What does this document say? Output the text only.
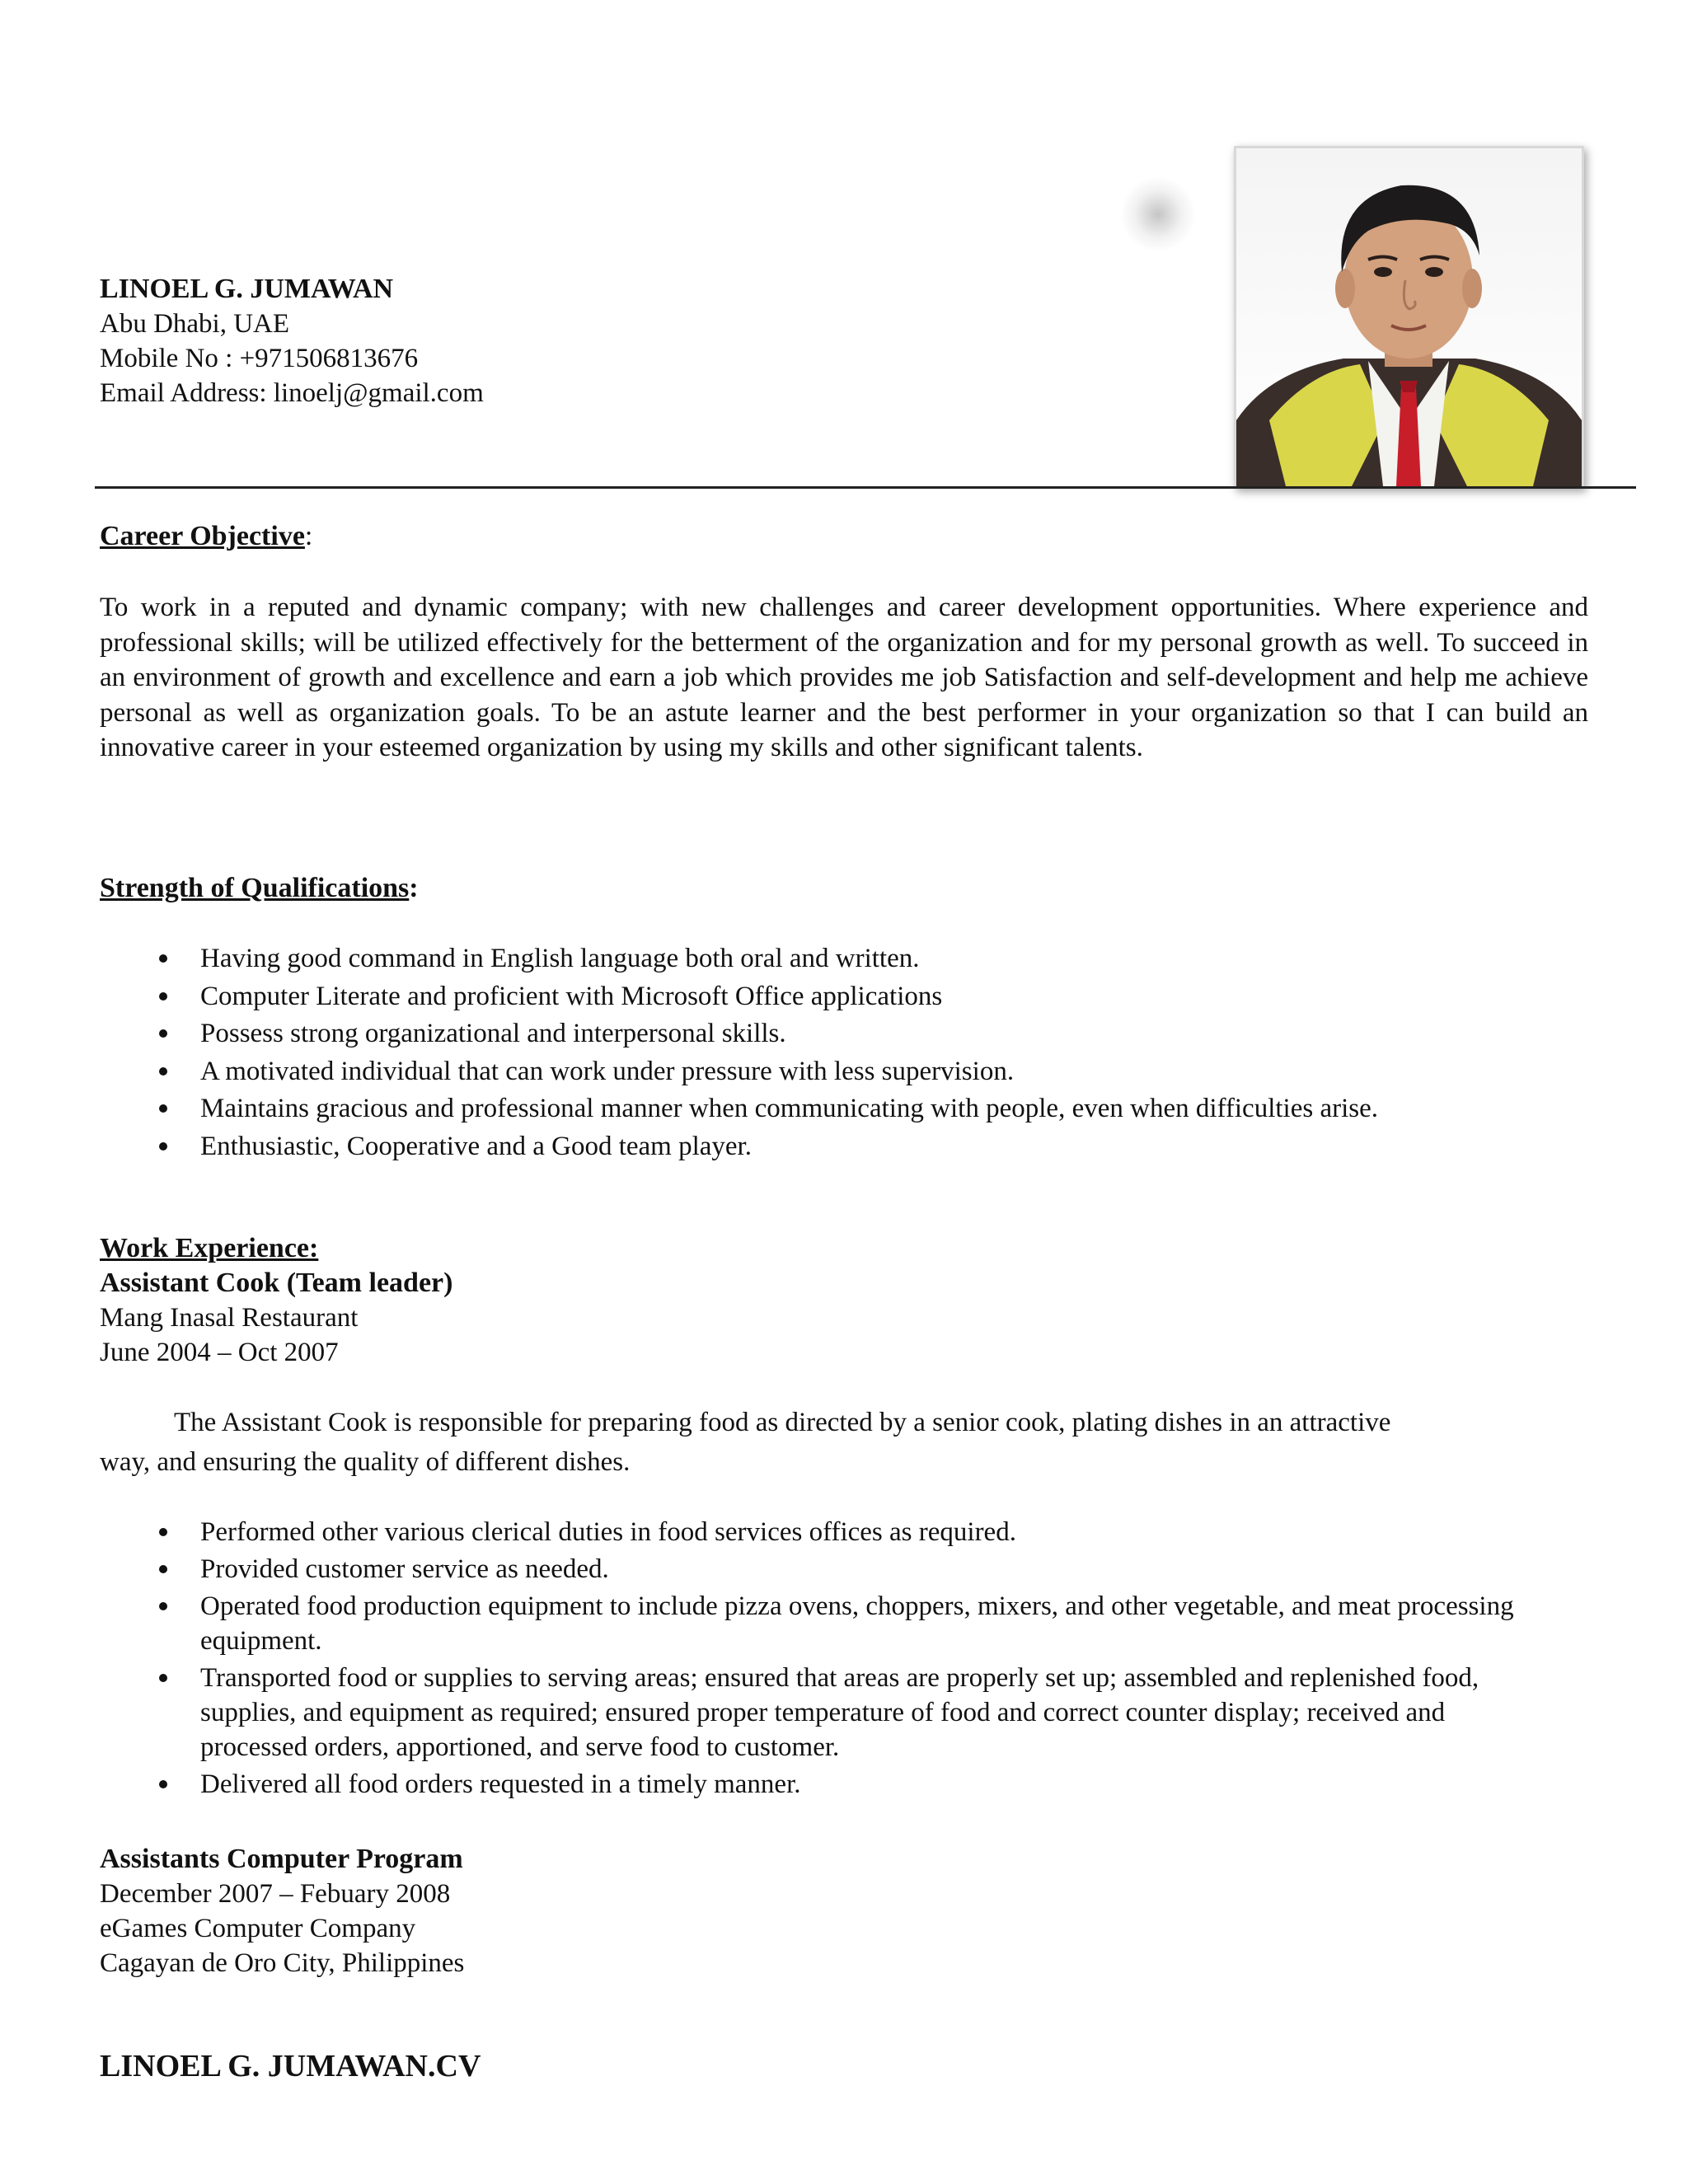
LINOEL G. JUMAWAN
Abu Dhabi, UAE
Mobile No : +971506813676
Email Address: linoelj@gmail.com
Career Objective:
To work in a reputed and dynamic company; with new challenges and career development opportunities. Where experience and professional skills; will be utilized effectively for the betterment of the organization and for my personal growth as well. To succeed in an environment of growth and excellence and earn a job which provides me job Satisfaction and self-development and help me achieve personal as well as organization goals. To be an astute learner and the best performer in your organization so that I can build an innovative career in your esteemed organization by using my skills and other significant talents.
Strength of Qualifications:
Having good command in English language both oral and written.
Computer Literate and proficient with Microsoft Office applications
Possess strong organizational and interpersonal skills.
A motivated individual that can work under pressure with less supervision.
Maintains gracious and professional manner when communicating with people, even when difficulties arise.
Enthusiastic, Cooperative and a Good team player.
Work Experience:
Assistant Cook (Team leader)
Mang Inasal Restaurant
June 2004 – Oct 2007
The Assistant Cook is responsible for preparing food as directed by a senior cook, plating dishes in an attractive
way, and ensuring the quality of different dishes.
Performed other various clerical duties in food services offices as required.
Provided customer service as needed.
Operated food production equipment to include pizza ovens, choppers, mixers, and other vegetable, and meat processing equipment.
Transported food or supplies to serving areas; ensured that areas are properly set up; assembled and replenished food, supplies, and equipment as required; ensured proper temperature of food and correct counter display; received and processed orders, apportioned, and serve food to customer.
Delivered all food orders requested in a timely manner.
Assistants Computer Program
December 2007 – Febuary 2008
eGames Computer Company
Cagayan de Oro City, Philippines
LINOEL G. JUMAWAN.CV
